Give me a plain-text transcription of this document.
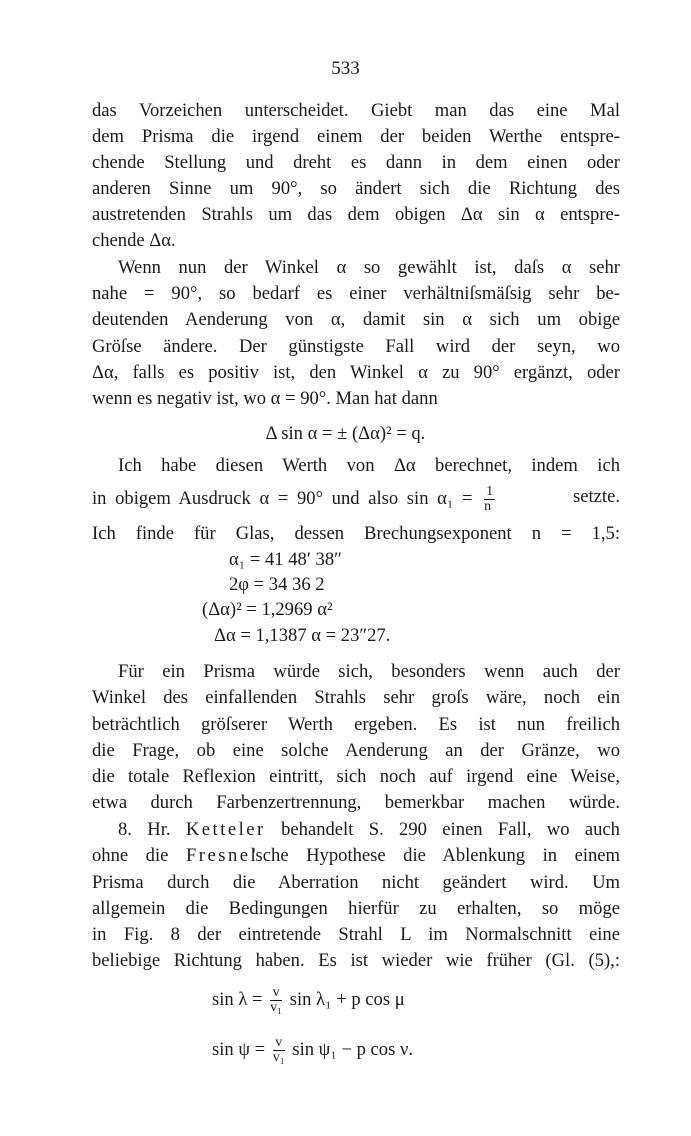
533
das Vorzeichen unterscheidet. Giebt man das eine Mal
dem Prisma die irgend einem der beiden Werthe entspre-
chende Stellung und dreht es dann in dem einen oder
anderen Sinne um 90°, so ändert sich die Richtung des
austretenden Strahls um das dem obigen Δα sin α entspre-
chende Δα.
Wenn nun der Winkel α so gewählt ist, daſs α sehr
nahe = 90°, so bedarf es einer verhältniſsmäſsig sehr be-
deutenden Aenderung von α, damit sin α sich um obige
Gröſse ändere. Der günstigste Fall wird der seyn, wo
Δα, falls es positiv ist, den Winkel α zu 90° ergänzt, oder
wenn es negativ ist, wo α = 90°. Man hat dann
Δ sin α = ± (Δα)² = q.
Ich habe diesen Werth von Δα berechnet, indem ich
in obigem Ausdruck α = 90° und also $\sin \alpha_1 = \frac{1}{n}$	setzte.
Ich finde für Glas, dessen Brechungsexponent n = 1,5:
α₁ = 41 48′ 38″
2φ = 34 36 2
(Δα)² = 1,2969 α²
Δα = 1,1387 α = 23″27.
Für ein Prisma würde sich, besonders wenn auch der
Winkel des einfallenden Strahls sehr groſs wäre, noch ein
beträchtlich gröſserer Werth ergeben. Es ist nun freilich
die Frage, ob eine solche Aenderung an der Gränze, wo
die totale Reflexion eintritt, sich noch auf irgend eine Weise,
etwa durch Farbenzertrennung, bemerkbar machen würde.
8. Hr. Ketteler behandelt S. 290 einen Fall, wo auch
ohne die Fresnel'sche Hypothese die Ablenkung in einem
Prisma durch die Aberration nicht geändert wird. Um
allgemein die Bedingungen hierfür zu erhalten, so möge
in Fig. 8 der eintretende Strahl L im Normalschnitt eine
beliebige Richtung haben. Es ist wieder wie früher (Gl. (5),:
$\sin \lambda = \frac{v}{\text{v₁}}$ sin λ₁ + p cos μ
$\sin \psi = \frac{v}{\text{v₁}}$ sin ψ₁ − p cos ν.
